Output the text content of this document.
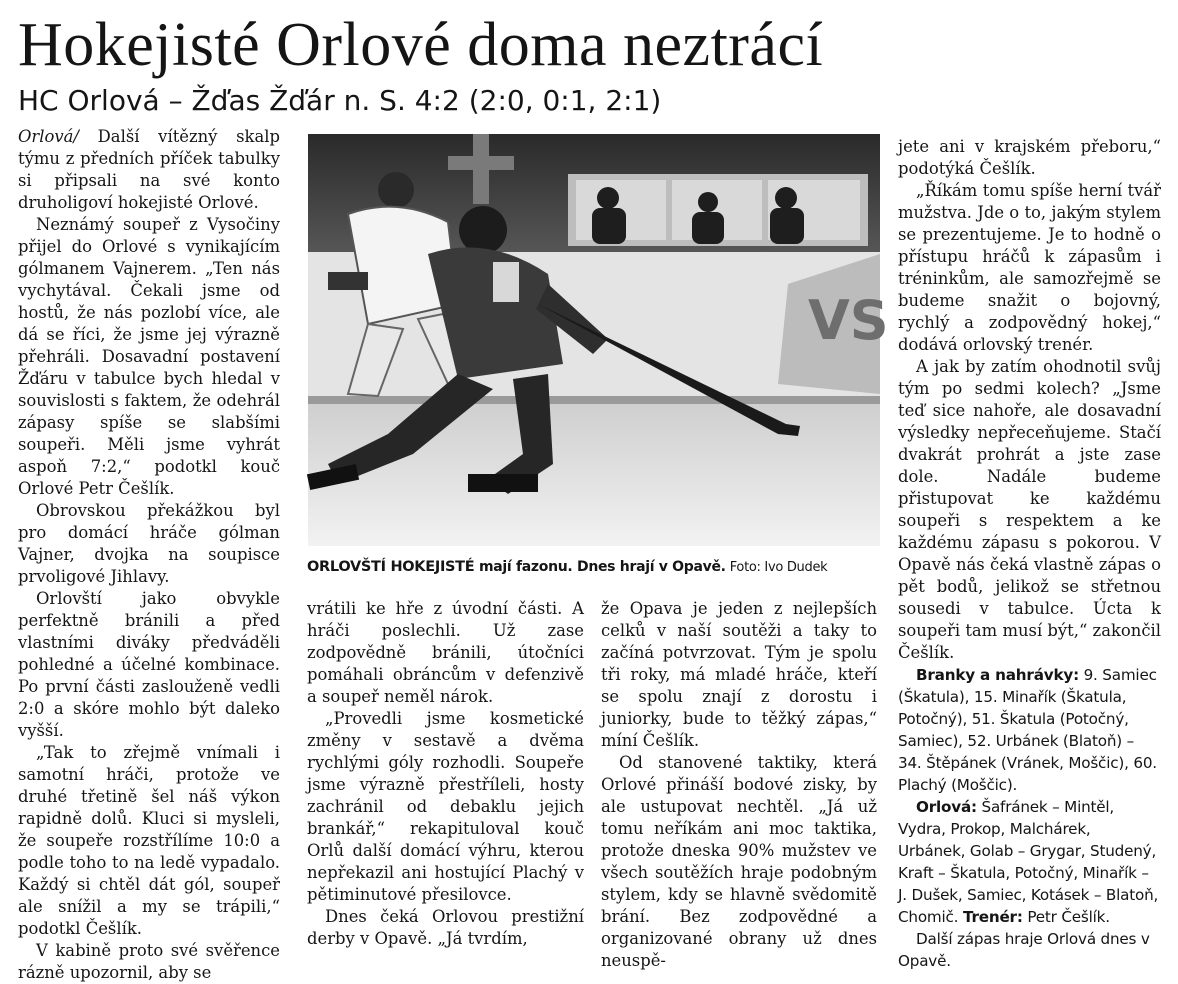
Hokejisté Orlové doma neztrácí
HC Orlová – Žďas Žďár n. S. 4:2 (2:0, 0:1, 2:1)

Orlová/ Další vítězný skalp týmu z předních příček tabulky si připsali na své konto druholigoví hokejisté Orlové.

Neznámý soupeř z Vysočiny přijel do Orlové s vynikajícím gólmanem Vajnerem. „Ten nás vychytával. Čekali jsme od hostů, že nás pozlobí více, ale dá se říci, že jsme jej výrazně přehráli. Dosavadní postavení Žďáru v tabulce bych hledal v souvislosti s faktem, že odehrál zápasy spíše se slabšími soupeři. Měli jsme vyhrát aspoň 7:2,“ podotkl kouč Orlové Petr Češlík.

Obrovskou překážkou byl pro domácí hráče gólman Vajner, dvojka na soupisce prvoligové Jihlavy.

Orlovští jako obvykle perfektně bránili a před vlastními diváky předváděli pohledné a účelné kombinace. Po první části zaslouženě vedli 2:0 a skóre mohlo být daleko vyšší.

„Tak to zřejmě vnímali i samotní hráči, protože ve druhé třetině šel náš výkon rapidně dolů. Kluci si mysleli, že soupeře rozstřílíme 10:0 a podle toho to na ledě vypadalo. Každý si chtěl dát gól, soupeř ale snížil a my se trápili,“ podotkl Češlík.

V kabině proto své svěřence rázně upozornil, aby se

VS
ORLOVŠTÍ HOKEJISTÉ mají fazonu. Dnes hrají v Opavě. Foto: Ivo Dudek

vrátili ke hře z úvodní části. A hráči poslechli. Už zase zodpovědně bránili, útočníci pomáhali obráncům v defenzivě a soupeř neměl nárok.

„Provedli jsme kosmetické změny v sestavě a dvěma rychlými góly rozhodli. Soupeře jsme výrazně přestříleli, hosty zachránil od debaklu jejich brankář,“ rekapituloval kouč Orlů další domácí výhru, kterou nepřekazil ani hostující Plachý v pětiminutové přesilovce.

Dnes čeká Orlovou prestižní derby v Opavě. „Já tvrdím,

že Opava je jeden z nejlepších celků v naší soutěži a taky to začíná potvrzovat. Tým je spolu tři roky, má mladé hráče, kteří se spolu znají z dorostu i juniorky, bude to těžký zápas,“ míní Češlík.

Od stanovené taktiky, která Orlové přináší bodové zisky, by ale ustupovat nechtěl. „Já už tomu neříkám ani moc taktika, protože dneska 90% mužstev ve všech soutěžích hraje podobným stylem, kdy se hlavně svědomitě brání. Bez zodpovědné a organizované obrany už dnes neuspě-

jete ani v krajském přeboru,“ podotýká Češlík.

„Říkám tomu spíše herní tvář mužstva. Jde o to, jakým stylem se prezentujeme. Je to hodně o přístupu hráčů k zápasům i tréninkům, ale samozřejmě se budeme snažit o bojovný, rychlý a zodpovědný hokej,“ dodává orlovský trenér.

A jak by zatím ohodnotil svůj tým po sedmi kolech? „Jsme teď sice nahoře, ale dosavadní výsledky nepřeceňujeme. Stačí dvakrát prohrát a jste zase dole. Nadále budeme přistupovat ke každému soupeři s respektem a ke každému zápasu s pokorou. V Opavě nás čeká vlastně zápas o pět bodů, jelikož se střetnou sousedi v tabulce. Úcta k soupeři tam musí být,“ zakončil Češlík.

Branky a nahrávky: 9. Samiec (Škatula), 15. Minařík (Škatula, Potočný), 51. Škatula (Potočný, Samiec), 52. Urbánek (Blatoň) – 34. Štěpánek (Vránek, Moščic), 60. Plachý (Moščic).

Orlová: Šafránek – Mintěl, Vydra, Prokop, Malchárek, Urbánek, Golab – Grygar, Studený, Kraft – Škatula, Potočný, Minařík – J. Dušek, Samiec, Kotásek – Blatoň, Chomič. Trenér: Petr Češlík.

Další zápas hraje Orlová dnes v Opavě.
